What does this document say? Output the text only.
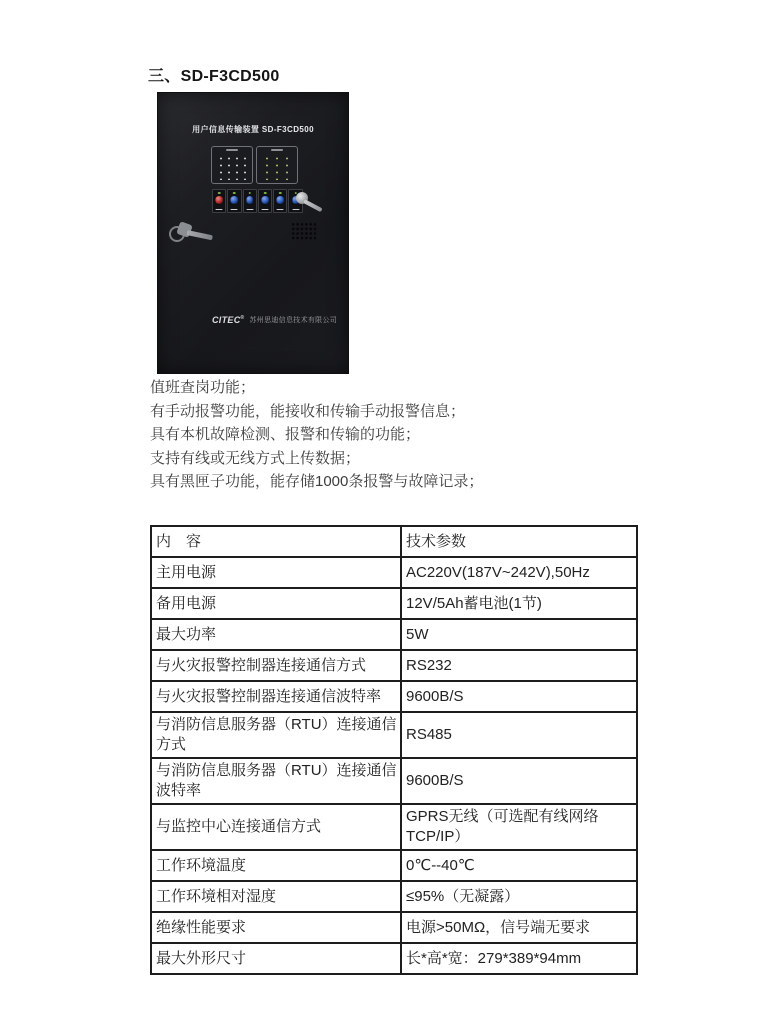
三、SD-F3CD500
用户信息传输装置 SD-F3CD500
CITEC® 苏州思迪信息技术有限公司
值班查岗功能；
有手动报警功能，能接收和传输手动报警信息；
具有本机故障检测、报警和传输的功能；
支持有线或无线方式上传数据；
具有黑匣子功能，能存储1000条报警与故障记录；
内　容	技术参数
主用电源	AC220V(187V~242V),50Hz
备用电源	12V/5Ah蓄电池(1节)
最大功率	5W
与火灾报警控制器连接通信方式	RS232
与火灾报警控制器连接通信波特率	9600B/S
与消防信息服务器（RTU）连接通信方式	RS485
与消防信息服务器（RTU）连接通信波特率	9600B/S
与监控中心连接通信方式	GPRS无线（可选配有线网络TCP/IP）
工作环境温度	0℃--40℃
工作环境相对湿度	≤95%（无凝露）
绝缘性能要求	电源>50MΩ，信号端无要求
最大外形尺寸	长*高*宽：279*389*94mm
